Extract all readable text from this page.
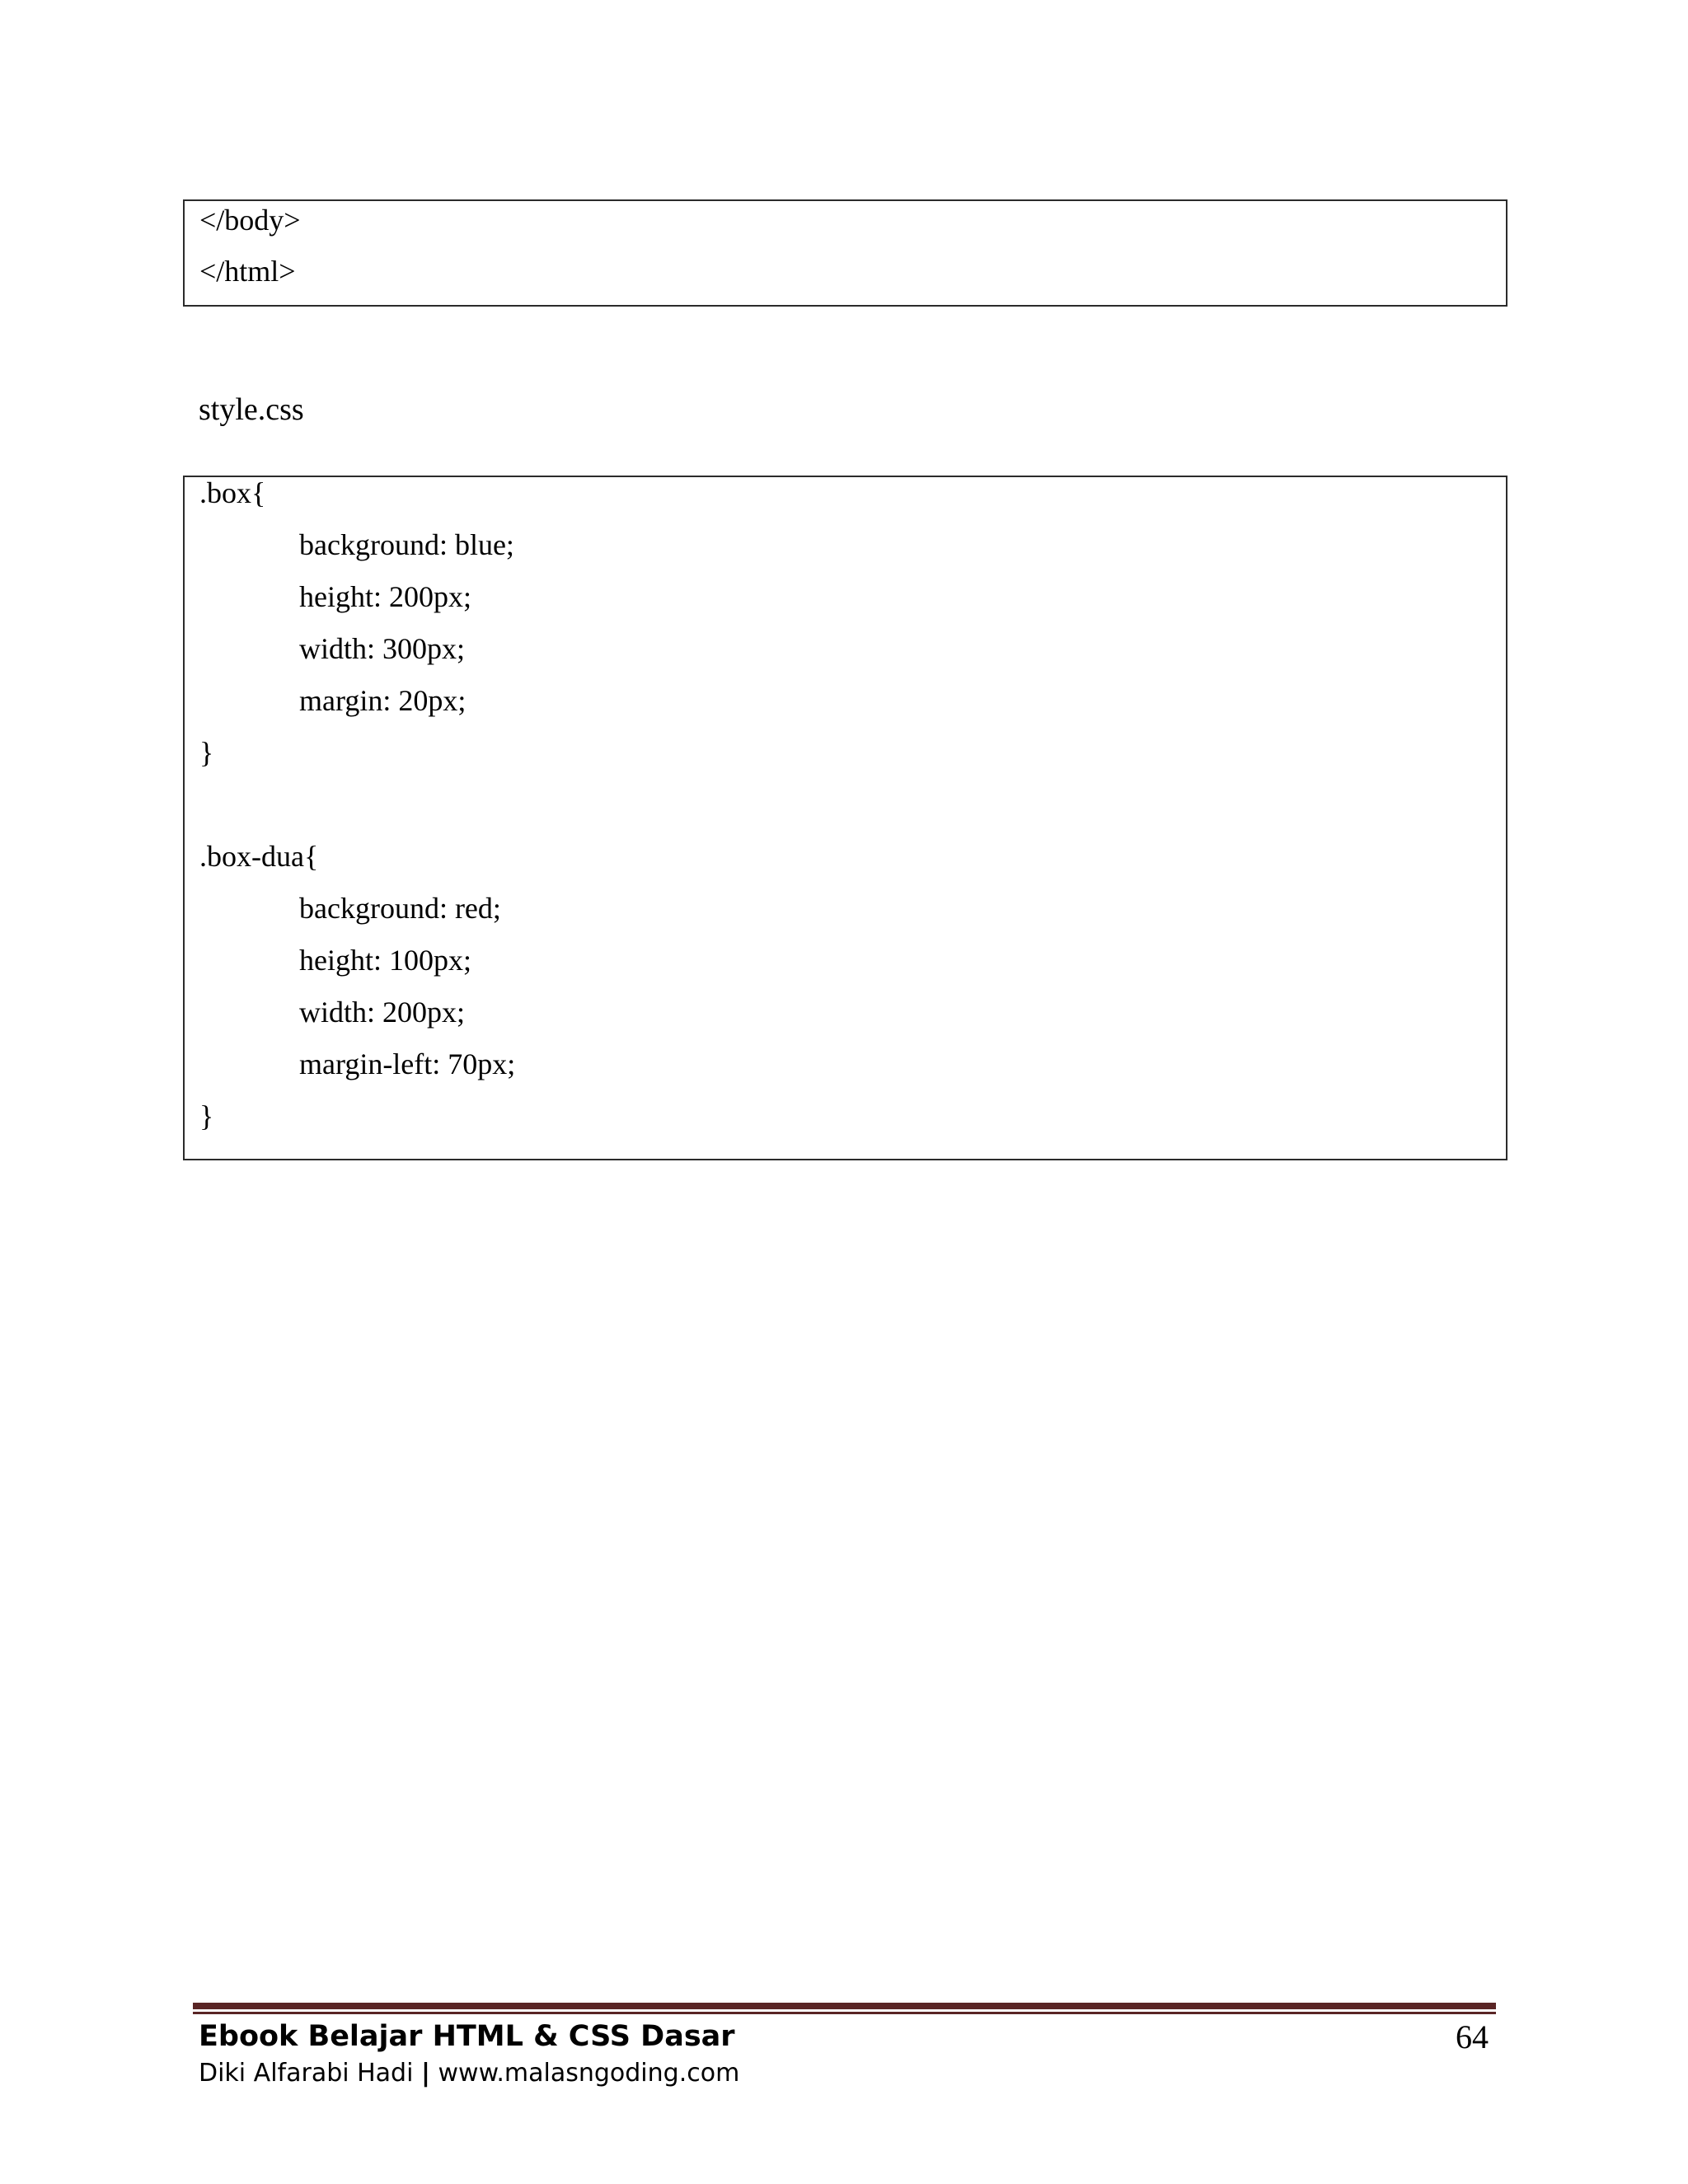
</body>
</html>
style.css
.box{
background: blue;
height: 200px;
width: 300px;
margin: 20px;
}
.box-dua{
background: red;
height: 100px;
width: 200px;
margin-left: 70px;
}
Ebook Belajar HTML & CSS Dasar
Diki Alfarabi Hadi | www.malasngoding.com
64
